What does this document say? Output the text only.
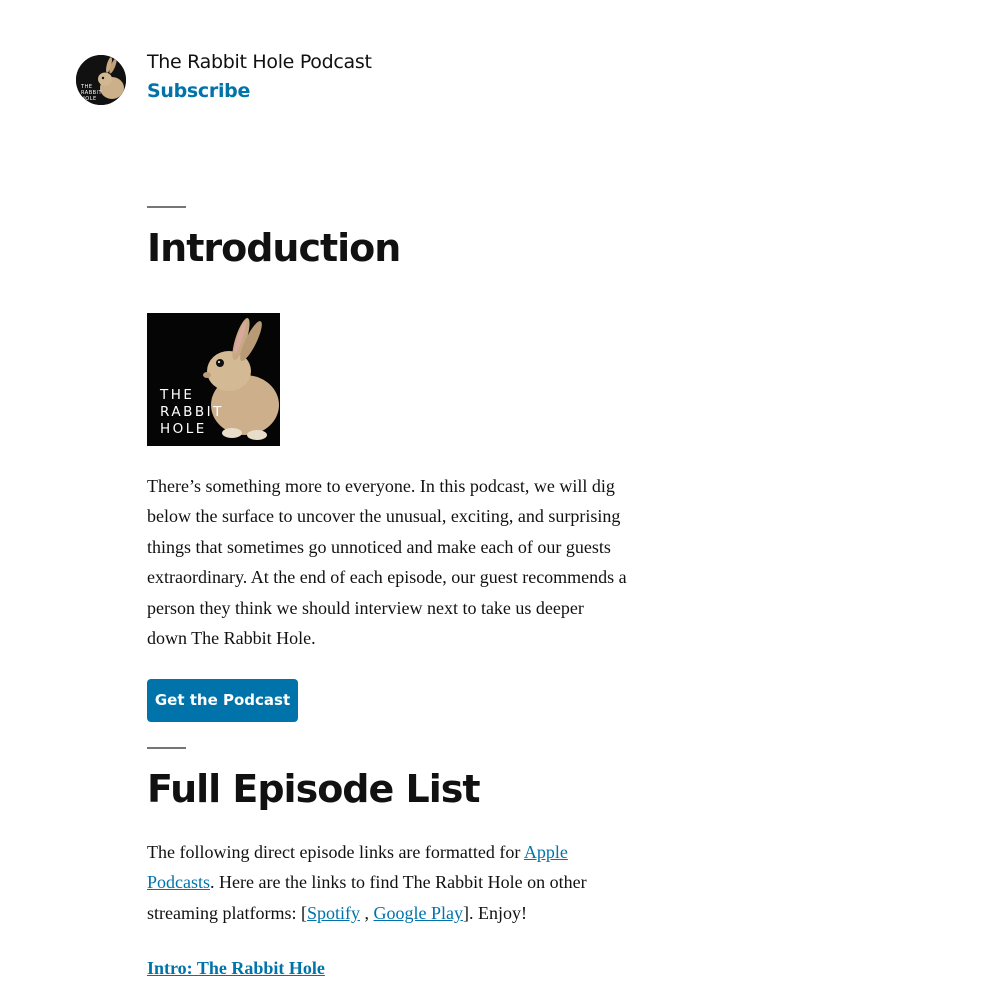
THE
RABBIT
HOLE
The Rabbit Hole Podcast
Subscribe
Introduction
THE
RABBIT
HOLE

There’s something more to everyone. In this podcast, we will dig below the surface to uncover the unusual, exciting, and surprising things that sometimes go unnoticed and make each of our guests extraordinary. At the end of each episode, our guest recommends a person they think we should interview next to take us deeper down The Rabbit Hole.

Get the Podcast
Full Episode List

The following direct episode links are formatted for Apple Podcasts. Here are the links to find The Rabbit Hole on other streaming platforms: [Spotify , Google Play]. Enjoy!

Intro: The Rabbit Hole
